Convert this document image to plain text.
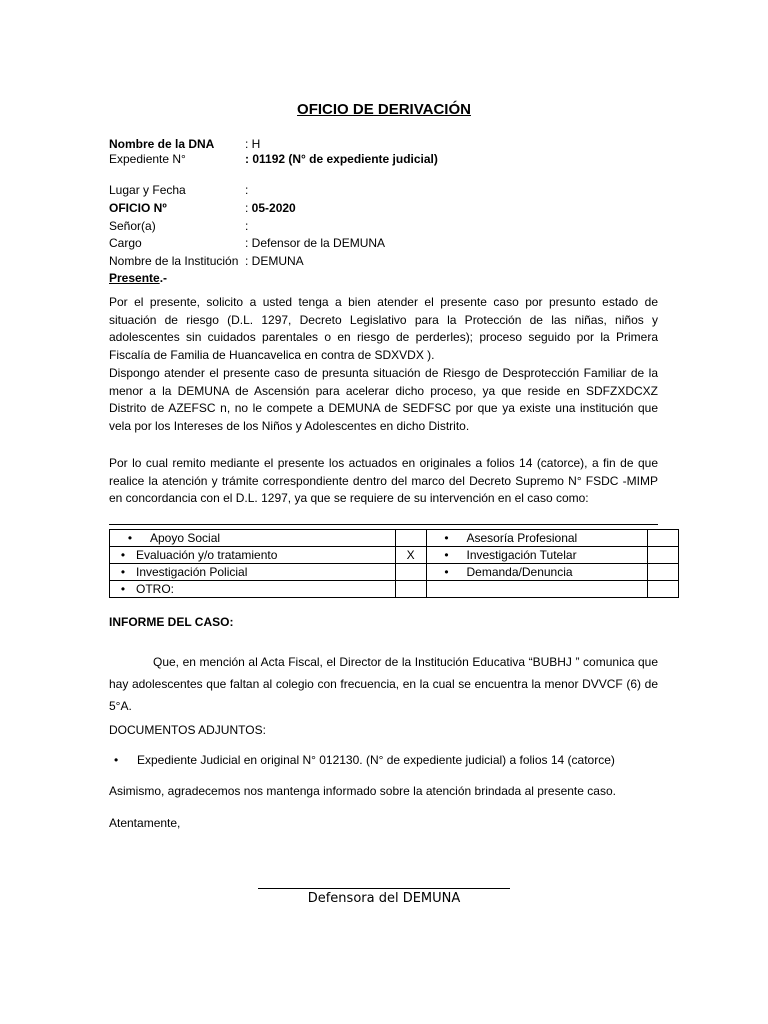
OFICIO DE DERIVACIÓN
Nombre de la DNA	: H
Expediente N°	: 01192 (N° de expediente judicial)
Lugar y Fecha	:
OFICIO Nº	: 05-2020
Señor(a)	:
Cargo	: Defensor de la DEMUNA
Nombre de la Institución : DEMUNA
Presente.-
Por el presente, solicito a usted tenga a bien atender el presente caso por presunto estado de situación de riesgo (D.L. 1297, Decreto Legislativo para la Protección de las niñas, niños y adolescentes sin cuidados parentales o en riesgo de perderles); proceso seguido por la Primera Fiscalía de Familia de Huancavelica en contra de SDXVDX ).
Dispongo atender el presente caso de presunta situación de Riesgo de Desprotección Familiar de la menor a la DEMUNA de Ascensión para acelerar dicho proceso, ya que reside en SDFZXDCXZ Distrito de AZEFSC n, no le compete a DEMUNA de SEDFSC por que ya existe una institución que vela por los Intereses de los Niños y Adolescentes en dicho Distrito.
Por lo cual remito mediante el presente los actuados en originales a folios 14 (catorce), a fin de que realice la atención y trámite correspondiente dentro del marco del Decreto Supremo N° FSDC -MIMP en concordancia con el D.L. 1297, ya que se requiere de su intervención en el caso como:
• Apoyo Social		• Asesoría Profesional	
• Evaluación y/o tratamiento	X	• Investigación Tutelar	
• Investigación Policial		• Demanda/Denuncia	
• OTRO:			
INFORME DEL CASO:
Que, en mención al Acta Fiscal, el Director de la Institución Educativa “BUBHJ ” comunica que hay adolescentes que faltan al colegio con frecuencia, en la cual se encuentra la menor DVVCF (6) de 5°A.
DOCUMENTOS ADJUNTOS:
• Expediente Judicial en original N° 012130. (N° de expediente judicial) a folios 14 (catorce)
Asimismo, agradecemos nos mantenga informado sobre la atención brindada al presente caso.
Atentamente,
Defensora del DEMUNA
